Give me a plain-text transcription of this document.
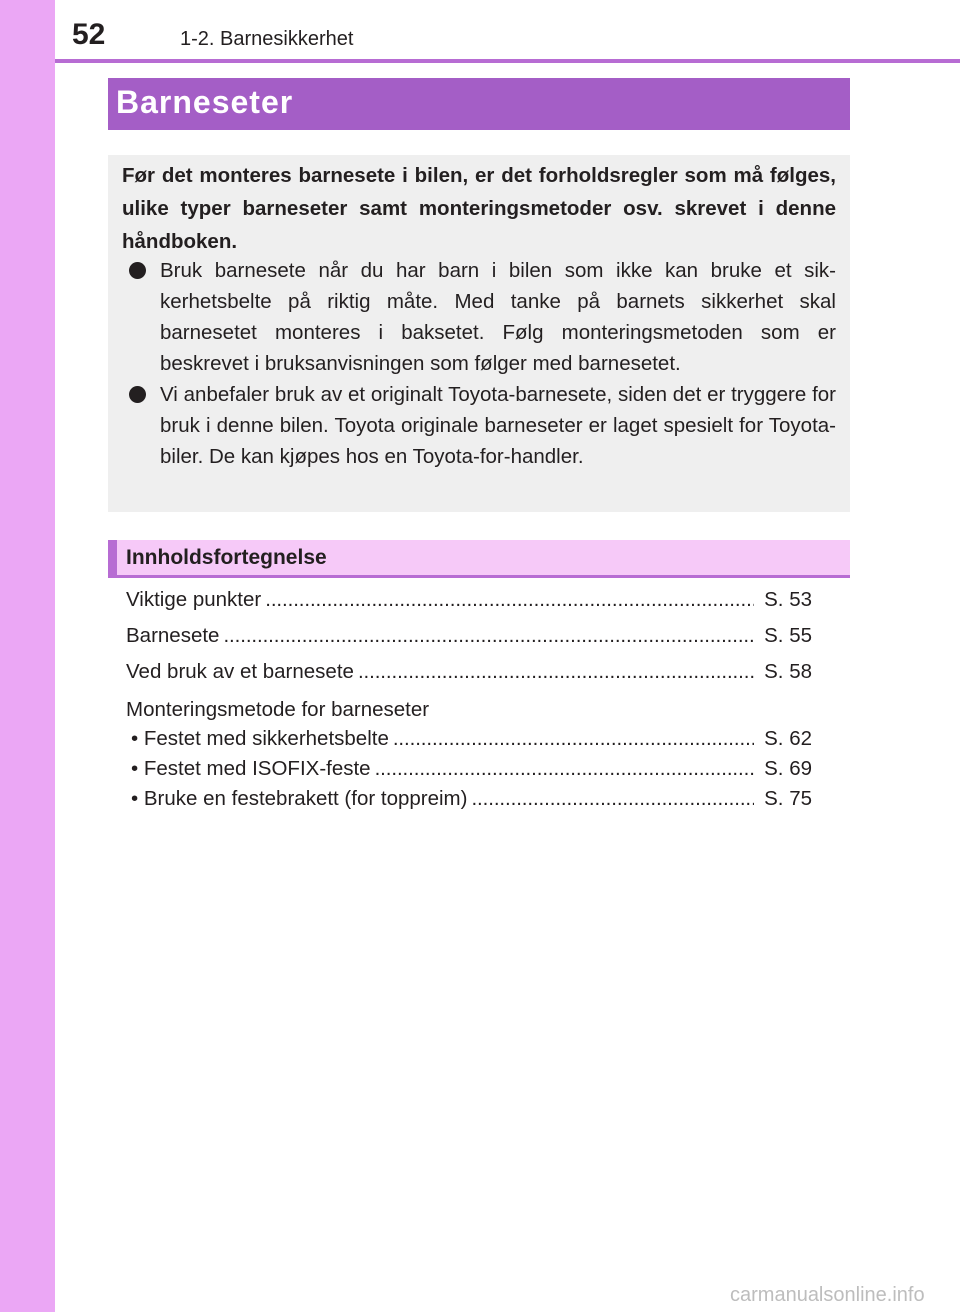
52	1-2. Barnesikkerhet
Barneseter
Før det monteres barnesete i bilen, er det forholdsregler som må følges, ulike typer barneseter samt monteringsmetoder osv. skrevet i denne håndboken.
Bruk barnesete når du har barn i bilen som ikke kan bruke et sik-kerhetsbelte på riktig måte. Med tanke på barnets sikkerhet skal barnesetet monteres i baksetet. Følg monteringsmetoden som er beskrevet i bruksanvisningen som følger med barnesetet.
Vi anbefaler bruk av et originalt Toyota-barnesete, siden det er tryggere for bruk i denne bilen. Toyota originale barneseter er laget spesielt for Toyota-biler. De kan kjøpes hos en Toyota-for-handler.
Innholdsfortegnelse
Viktige punkter . . .	S. 53
Barnesete . . .	S. 55
Ved bruk av et barnesete . . .	S. 58
Monteringsmetode for barneseter
• Festet med sikkerhetsbelte . . .	S. 62
• Festet med ISOFIX-feste . . .	S. 69
• Bruke en festebrakett (for toppreim) . . .	S. 75
carmanualsonline.info
